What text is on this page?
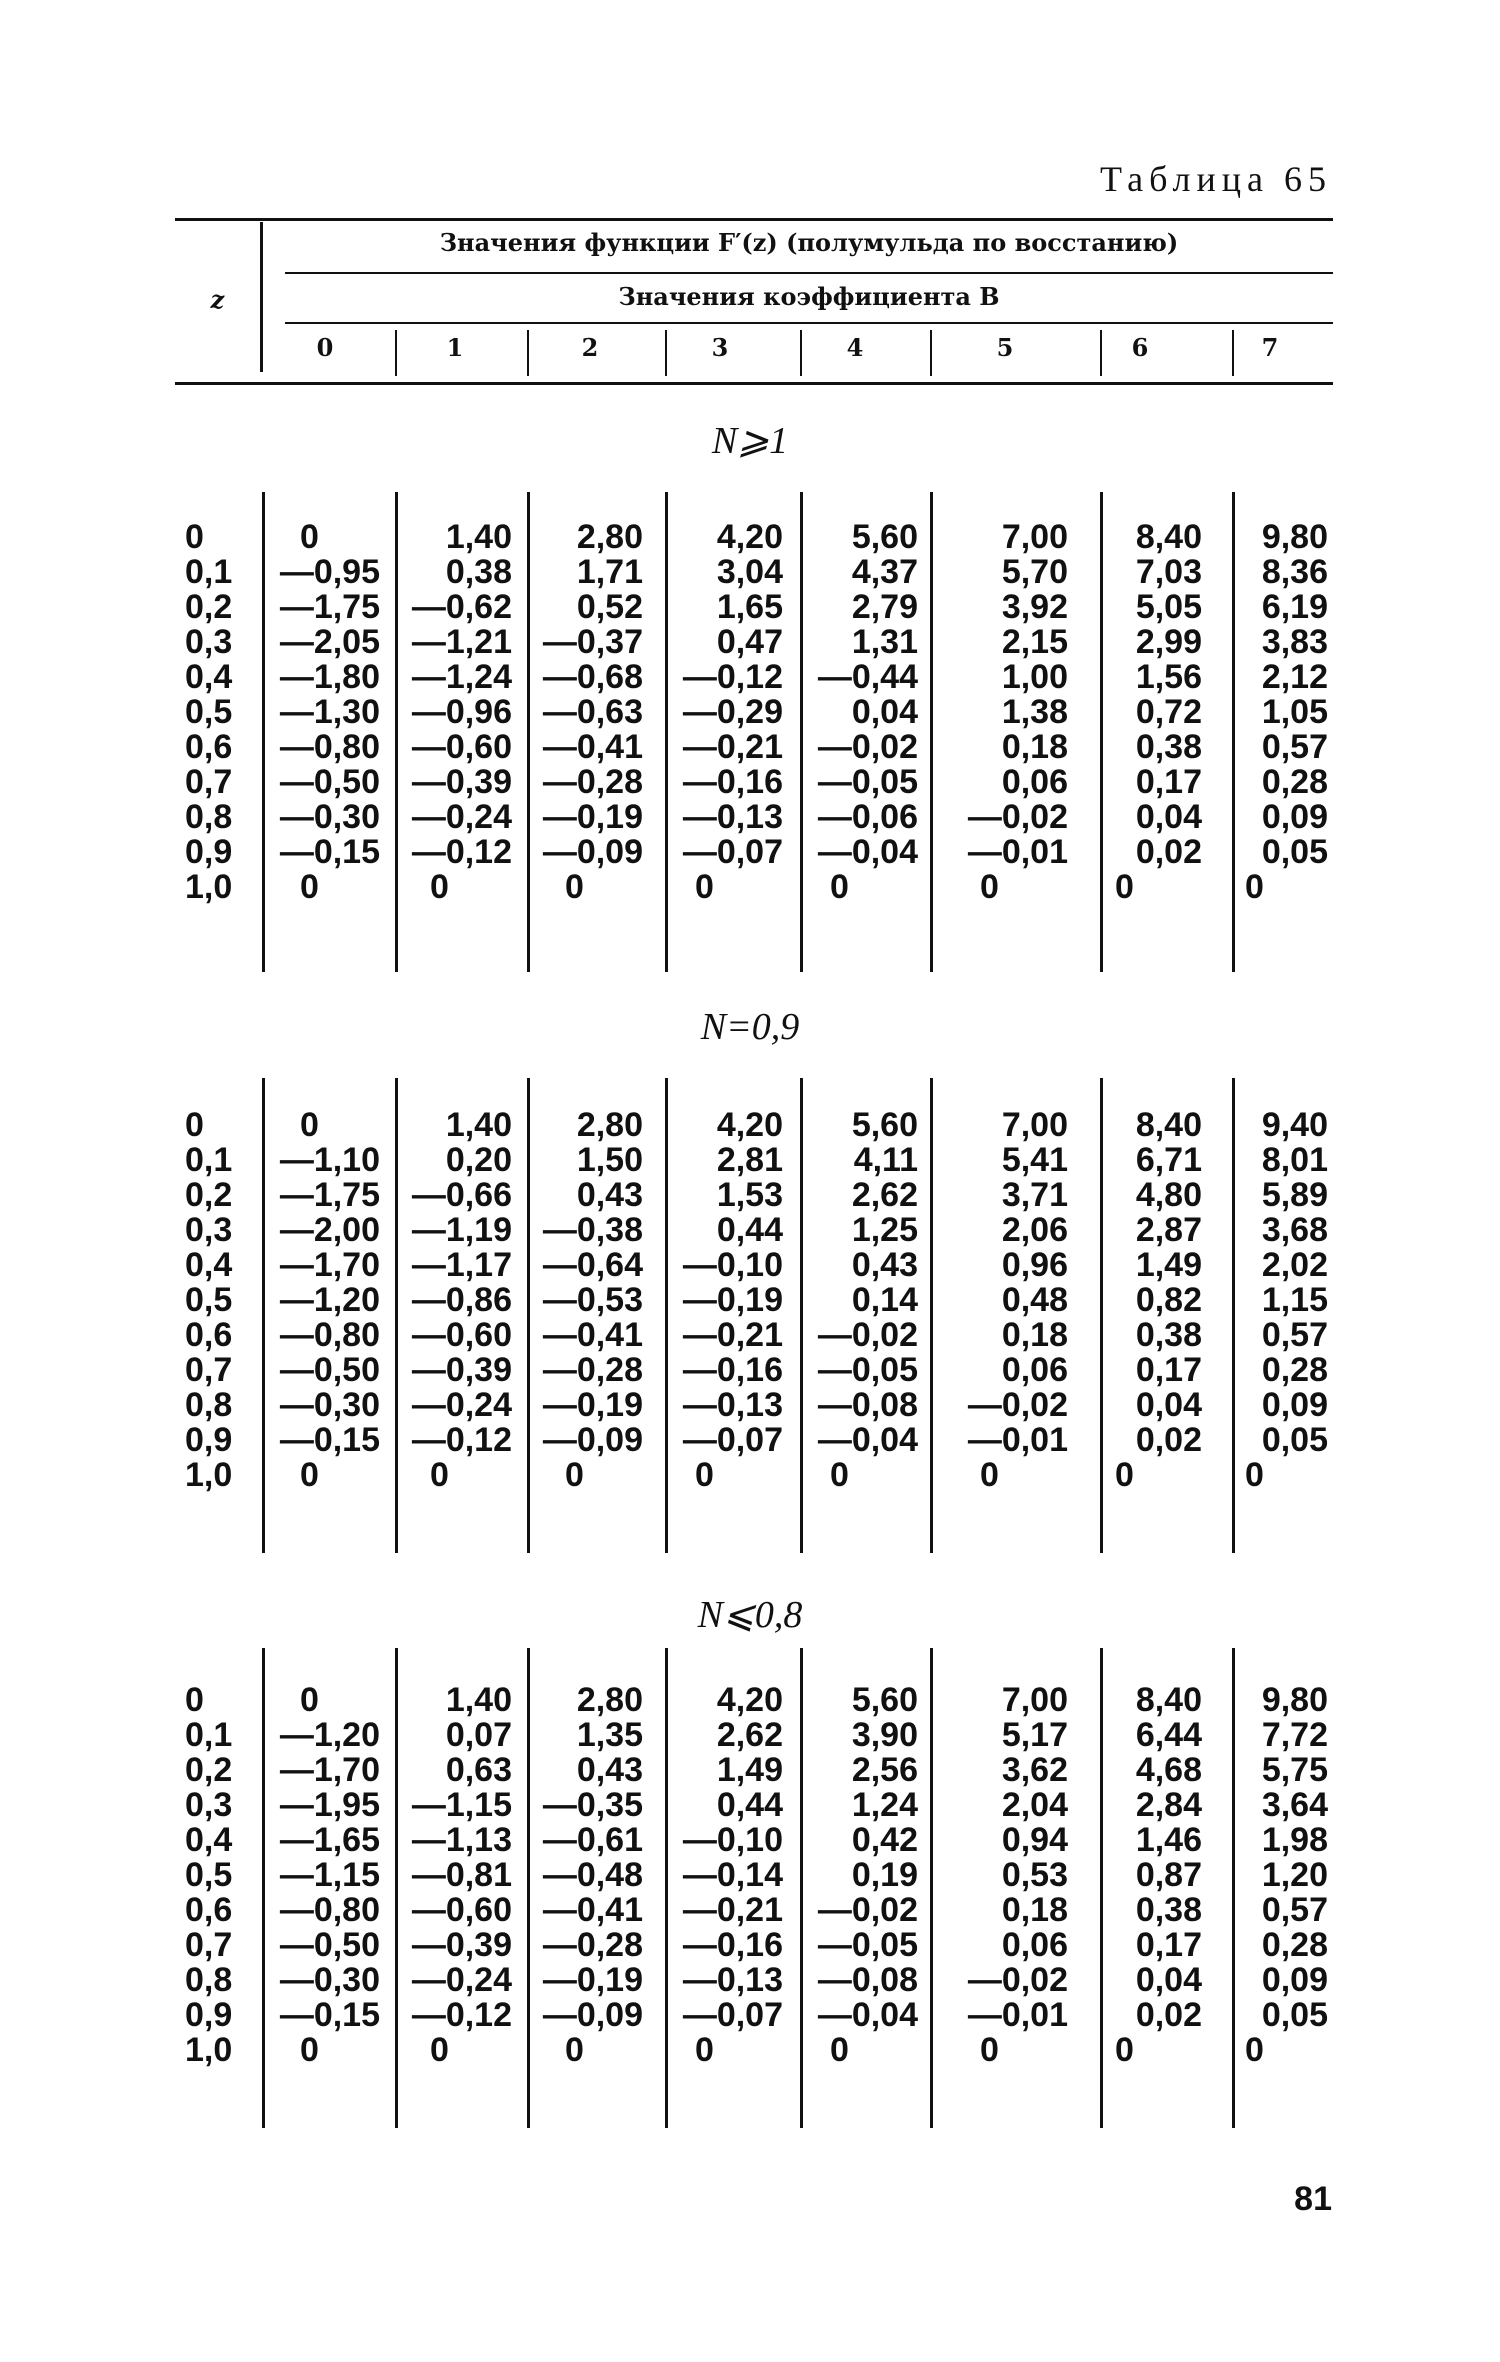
Таблица 65
z
Значения функции F′(z) (полумульда по восстанию)
Значения коэффициента B
0	1	2	3	4	5	6	7
N⩾1
0	0	1,40 2,80 4,20 5,60 7,00 8,40 9,80
0,1 —0,95 0,38 1,71 3,04 4,37 5,70 7,03 8,36
0,2 —1,75 —0,62 0,52 1,65 2,79 3,92 5,05 6,19
0,3 —2,05 —1,21 —0,37 0,47 1,31 2,15 2,99 3,83
0,4 —1,80 —1,24 —0,68 —0,12 —0,44 1,00 1,56 2,12
0,5 —1,30 —0,96 —0,63 —0,29 0,04 1,38 0,72 1,05
0,6 —0,80 —0,60 —0,41 —0,21 —0,02 0,18 0,38 0,57
0,7 —0,50 —0,39 —0,28 —0,16 —0,05 0,06 0,17 0,28
0,8 —0,30 —0,24 —0,19 —0,13 —0,06 —0,02 0,04 0,09
0,9 —0,15 —0,12 —0,09 —0,07 —0,04 —0,01 0,02 0,05
1,0 0	0	0	0	0	0	0	0
N=0,9
0	0	1,40 2,80 4,20 5,60 7,00 8,40 9,40
0,1 —1,10 0,20 1,50 2,81 4,11 5,41 6,71 8,01
0,2 —1,75 —0,66 0,43 1,53 2,62 3,71 4,80 5,89
0,3 —2,00 —1,19 —0,38 0,44 1,25 2,06 2,87 3,68
0,4 —1,70 —1,17 —0,64 —0,10 0,43 0,96 1,49 2,02
0,5 —1,20 —0,86 —0,53 —0,19 0,14 0,48 0,82 1,15
0,6 —0,80 —0,60 —0,41 —0,21 —0,02 0,18 0,38 0,57
0,7 —0,50 —0,39 —0,28 —0,16 —0,05 0,06 0,17 0,28
0,8 —0,30 —0,24 —0,19 —0,13 —0,08 —0,02 0,04 0,09
0,9 —0,15 —0,12 —0,09 —0,07 —0,04 —0,01 0,02 0,05
1,0 0	0	0	0	0	0	0	0
N⩽0,8
0	0	1,40 2,80 4,20 5,60 7,00 8,40 9,80
0,1 —1,20 0,07 1,35 2,62 3,90 5,17 6,44 7,72
0,2 —1,70 0,63 0,43 1,49 2,56 3,62 4,68 5,75
0,3 —1,95 —1,15 —0,35 0,44 1,24 2,04 2,84 3,64
0,4 —1,65 —1,13 —0,61 —0,10 0,42 0,94 1,46 1,98
0,5 —1,15 —0,81 —0,48 —0,14 0,19 0,53 0,87 1,20
0,6 —0,80 —0,60 —0,41 —0,21 —0,02 0,18 0,38 0,57
0,7 —0,50 —0,39 —0,28 —0,16 —0,05 0,06 0,17 0,28
0,8 —0,30 —0,24 —0,19 —0,13 —0,08 —0,02 0,04 0,09
0,9 —0,15 —0,12 —0,09 —0,07 —0,04 —0,01 0,02 0,05
1,0 0	0	0	0	0	0	0	0
81
